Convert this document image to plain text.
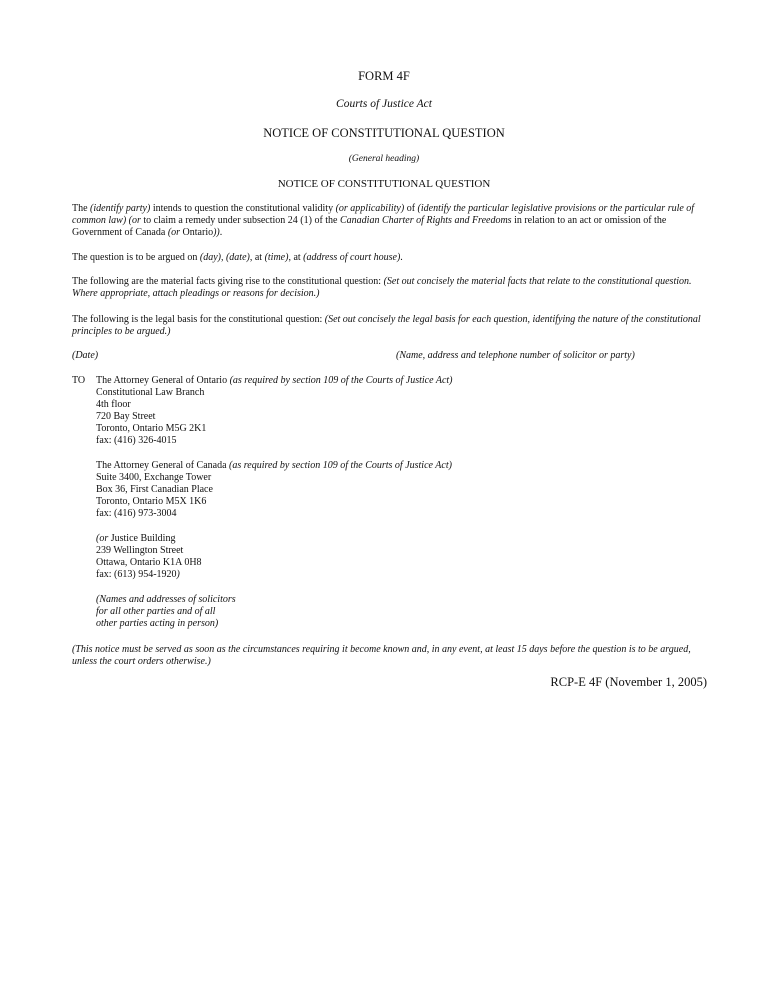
FORM 4F
Courts of Justice Act
NOTICE OF CONSTITUTIONAL QUESTION
(General heading)
NOTICE OF CONSTITUTIONAL QUESTION
The (identify party) intends to question the constitutional validity (or applicability) of (identify the particular legislative provisions or the particular rule of common law) (or to claim a remedy under subsection 24 (1) of the Canadian Charter of Rights and Freedoms in relation to an act or omission of the Government of Canada (or Ontario)).
The question is to be argued on (day), (date), at (time), at (address of court house).
The following are the material facts giving rise to the constitutional question: (Set out concisely the material facts that relate to the constitutional question. Where appropriate, attach pleadings or reasons for decision.)
The following is the legal basis for the constitutional question: (Set out concisely the legal basis for each question, identifying the nature of the constitutional principles to be argued.)
(Date)	(Name, address and telephone number of solicitor or party)
TO The Attorney General of Ontario (as required by section 109 of the Courts of Justice Act)
Constitutional Law Branch
4th floor
720 Bay Street
Toronto, Ontario M5G 2K1
fax: (416) 326-4015
The Attorney General of Canada (as required by section 109 of the Courts of Justice Act)
Suite 3400, Exchange Tower
Box 36, First Canadian Place
Toronto, Ontario M5X 1K6
fax: (416) 973-3004
(or Justice Building
239 Wellington Street
Ottawa, Ontario K1A 0H8
fax: (613) 954-1920)
(Names and addresses of solicitors
for all other parties and of all
other parties acting in person)
(This notice must be served as soon as the circumstances requiring it become known and, in any event, at least 15 days before the question is to be argued, unless the court orders otherwise.)
RCP-E 4F (November 1, 2005)
